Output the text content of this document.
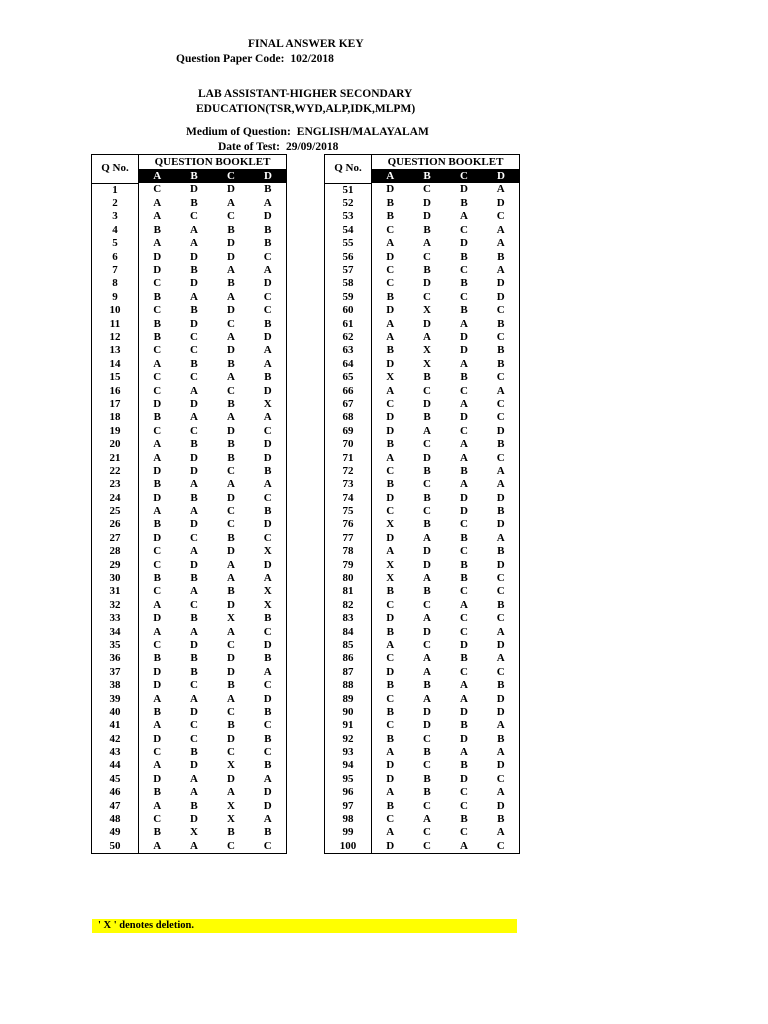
FINAL ANSWER KEY
Question Paper Code: 102/2018
LAB ASSISTANT-HIGHER SECONDARY
EDUCATION(TSR,WYD,ALP,IDK,MLPM)
Medium of Question: ENGLISH/MALAYALAM
Date of Test: 29/09/2018
Q No.	QUESTION BOOKLET			
	A	B	C	D
1	C	D	D	B
2	A	B	A	A
3	A	C	C	D
4	B	A	B	B
5	A	A	D	B
6	D	D	D	C
7	D	B	A	A
8	C	D	B	D
9	B	A	A	C
10	C	B	D	C
11	B	D	C	B
12	B	C	A	D
13	C	C	D	A
14	A	B	B	A
15	C	C	A	B
16	C	A	C	D
17	D	D	B	X
18	B	A	A	A
19	C	C	D	C
20	A	B	B	D
21	A	D	B	D
22	D	D	C	B
23	B	A	A	A
24	D	B	D	C
25	A	A	C	B
26	B	D	C	D
27	D	C	B	C
28	C	A	D	X
29	C	D	A	D
30	B	B	A	A
31	C	A	B	X
32	A	C	D	X
33	D	B	X	B
34	A	A	A	C
35	C	D	C	D
36	B	B	D	B
37	D	B	D	A
38	D	C	B	C
39	A	A	A	D
40	B	D	C	B
41	A	C	B	C
42	D	C	D	B
43	C	B	C	C
44	A	D	X	B
45	D	A	D	A
46	B	A	A	D
47	A	B	X	D
48	C	D	X	A
49	B	X	B	B
50	A	A	C	C
Q No.	QUESTION BOOKLET			
	A	B	C	D
51	D	C	D	A
52	B	D	B	D
53	B	D	A	C
54	C	B	C	A
55	A	A	D	A
56	D	C	B	B
57	C	B	C	A
58	C	D	B	D
59	B	C	C	D
60	D	X	B	C
61	A	D	A	B
62	A	A	D	C
63	B	X	D	B
64	D	X	A	B
65	X	B	B	C
66	A	C	C	A
67	C	D	A	C
68	D	B	D	C
69	D	A	C	D
70	B	C	A	B
71	A	D	A	C
72	C	B	B	A
73	B	C	A	A
74	D	B	D	D
75	C	C	D	B
76	X	B	C	D
77	D	A	B	A
78	A	D	C	B
79	X	D	B	D
80	X	A	B	C
81	B	B	C	C
82	C	C	A	B
83	D	A	C	C
84	B	D	C	A
85	A	C	D	D
86	C	A	B	A
87	D	A	C	C
88	B	B	A	B
89	C	A	A	D
90	B	D	D	D
91	C	D	B	A
92	B	C	D	B
93	A	B	A	A
94	D	C	B	D
95	D	B	D	C
96	A	B	C	A
97	B	C	C	D
98	C	A	B	B
99	A	C	C	A
100	D	C	A	C
' X ' denotes deletion.
